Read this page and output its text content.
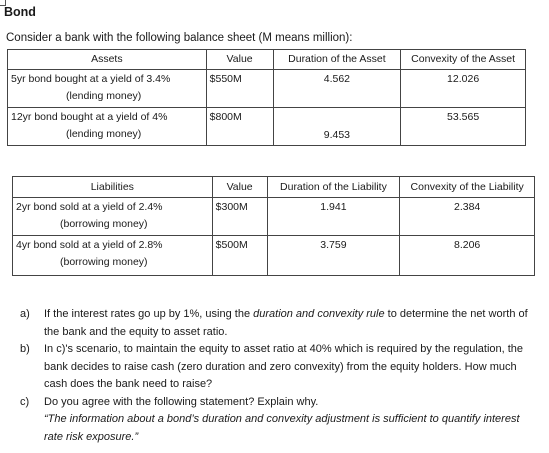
Bond
Consider a bank with the following balance sheet (M means million):
Assets	Value	Duration of the Asset	Convexity of the Asset

5yr bond bought at a yield of 3.4%
(lending money)	$550M	4.562	12.026

12yr bond bought at a yield of 4%
(lending money)	$800M	9.453	53.565
Liabilities	Value	Duration of the Liability	Convexity of the Liability

2yr bond sold at a yield of 2.4%
(borrowing money)	$300M	1.941	2.384

4yr bond sold at a yield of 2.8%
(borrowing money)	$500M	3.759	8.206
a)	If the interest rates go up by 1%, using the duration and convexity rule to determine the net worth of the bank and the equity to asset ratio.
b)	In c)'s scenario, to maintain the equity to asset ratio at 40% which is required by the regulation, the bank decides to raise cash (zero duration and zero convexity) from the equity holders. How much cash does the bank need to raise?
c)	Do you agree with the following statement? Explain why.
“The information about a bond’s duration and convexity adjustment is sufficient to quantify interest rate risk exposure.”
